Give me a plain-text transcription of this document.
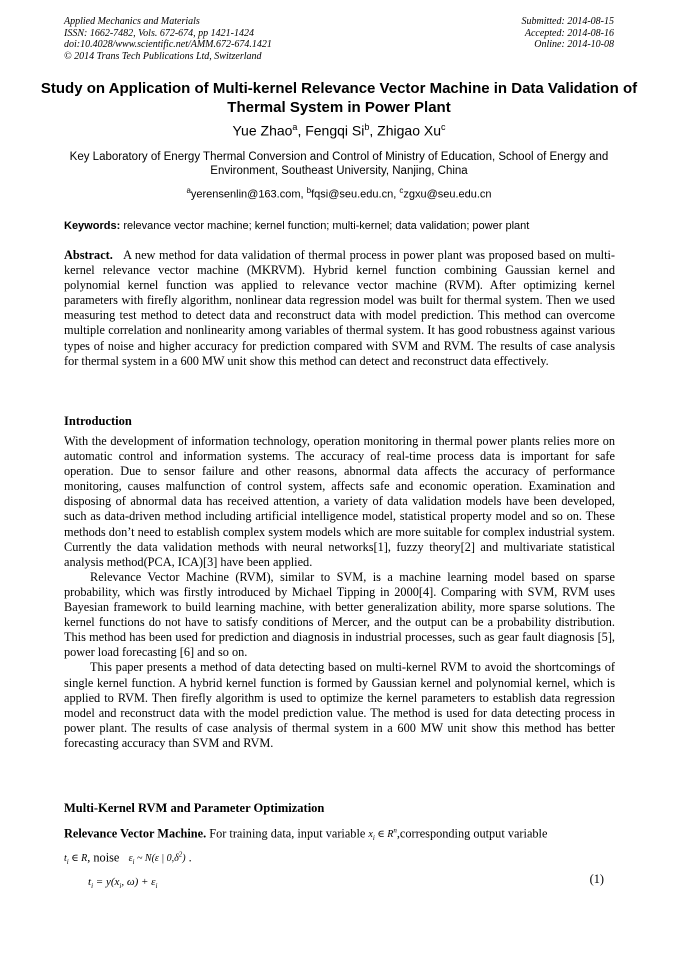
Applied Mechanics and Materials
ISSN: 1662-7482, Vols. 672-674, pp 1421-1424
doi:10.4028/www.scientific.net/AMM.672-674.1421
© 2014 Trans Tech Publications Ltd, Switzerland
Submitted: 2014-08-15
Accepted: 2014-08-16
Online: 2014-10-08
Study on Application of Multi-kernel Relevance Vector Machine in Data Validation of Thermal System in Power Plant
Yue Zhao$^a$, Fengqi Si$^b$, Zhigao Xu$^c$
Key Laboratory of Energy Thermal Conversion and Control of Ministry of Education, School of Energy and Environment, Southeast University, Nanjing, China
$^a$yerensenlin@163.com, $^b$fqsi@seu.edu.cn, $^c$zgxu@seu.edu.cn
Keywords: relevance vector machine; kernel function; multi-kernel; data validation; power plant
Abstract. A new method for data validation of thermal process in power plant was proposed based on multi-kernel relevance vector machine (MKRVM). Hybrid kernel function combining Gaussian kernel and polynomial kernel function was applied to relevance vector machine (RVM). After optimizing kernel parameters with firefly algorithm, nonlinear data regression model was built for thermal system. Then we used measuring test method to detect data and reconstruct data with model prediction. This method can overcome multiple correlation and nonlinearity among variables of thermal system. It has good robustness against various types of noise and higher accuracy for prediction compared with SVM and RVM. The results of case analysis for thermal system in a 600 MW unit show this method can detect and reconstruct data effectively.
Introduction

With the development of information technology, operation monitoring in thermal power plants relies more on automatic control and information systems. The accuracy of real-time process data is important for safe operation. Due to sensor failure and other reasons, abnormal data affects the accuracy of performance monitoring, causes malfunction of control system, affects safe and economic operation. Examination and disposing of abnormal data has received attention, a variety of data validation models have been developed, such as data-driven method including artificial intelligence model, statistical property model and so on. These methods don’t need to establish complex system models which are more suitable for complex industrial system. Currently the data validation methods with neural networks[1], fuzzy theory[2] and multivariate statistical analysis method(PCA, ICA)[3] have been applied.

Relevance Vector Machine (RVM), similar to SVM, is a machine learning model based on sparse probability, which was firstly introduced by Michael Tipping in 2000[4]. Comparing with SVM, RVM uses Bayesian framework to build learning machine, with better generalization ability, more sparse solutions. The kernel functions do not have to satisfy conditions of Mercer, and the output can be a probability distribution. This method has been used for prediction and diagnosis in industrial processes, such as gear fault diagnosis [5], power load forecasting [6] and so on.

This paper presents a method of data detecting based on multi-kernel RVM to avoid the shortcomings of single kernel function. A hybrid kernel function is formed by Gaussian kernel and polynomial kernel, which is applied to RVM. Then firefly algorithm is used to optimize the kernel parameters to establish data regression model and reconstruct data with the model prediction value. The method is used for data detecting process in power plant. The results of case analysis of thermal system in a 600 MW unit show this method has better forecasting accuracy than SVM and RVM.

Multi-Kernel RVM and Parameter Optimization
Relevance Vector Machine. For training data, input variable $x_i$ ∈ $R^n,corresponding$ output variable
$t_i$ ∈ R, noise $\varepsilon_i$ ~ N(ε | $0,\delta^2$) .
$t_i = y(x_i$, $\omega) + \varepsilon_i$
(1)
